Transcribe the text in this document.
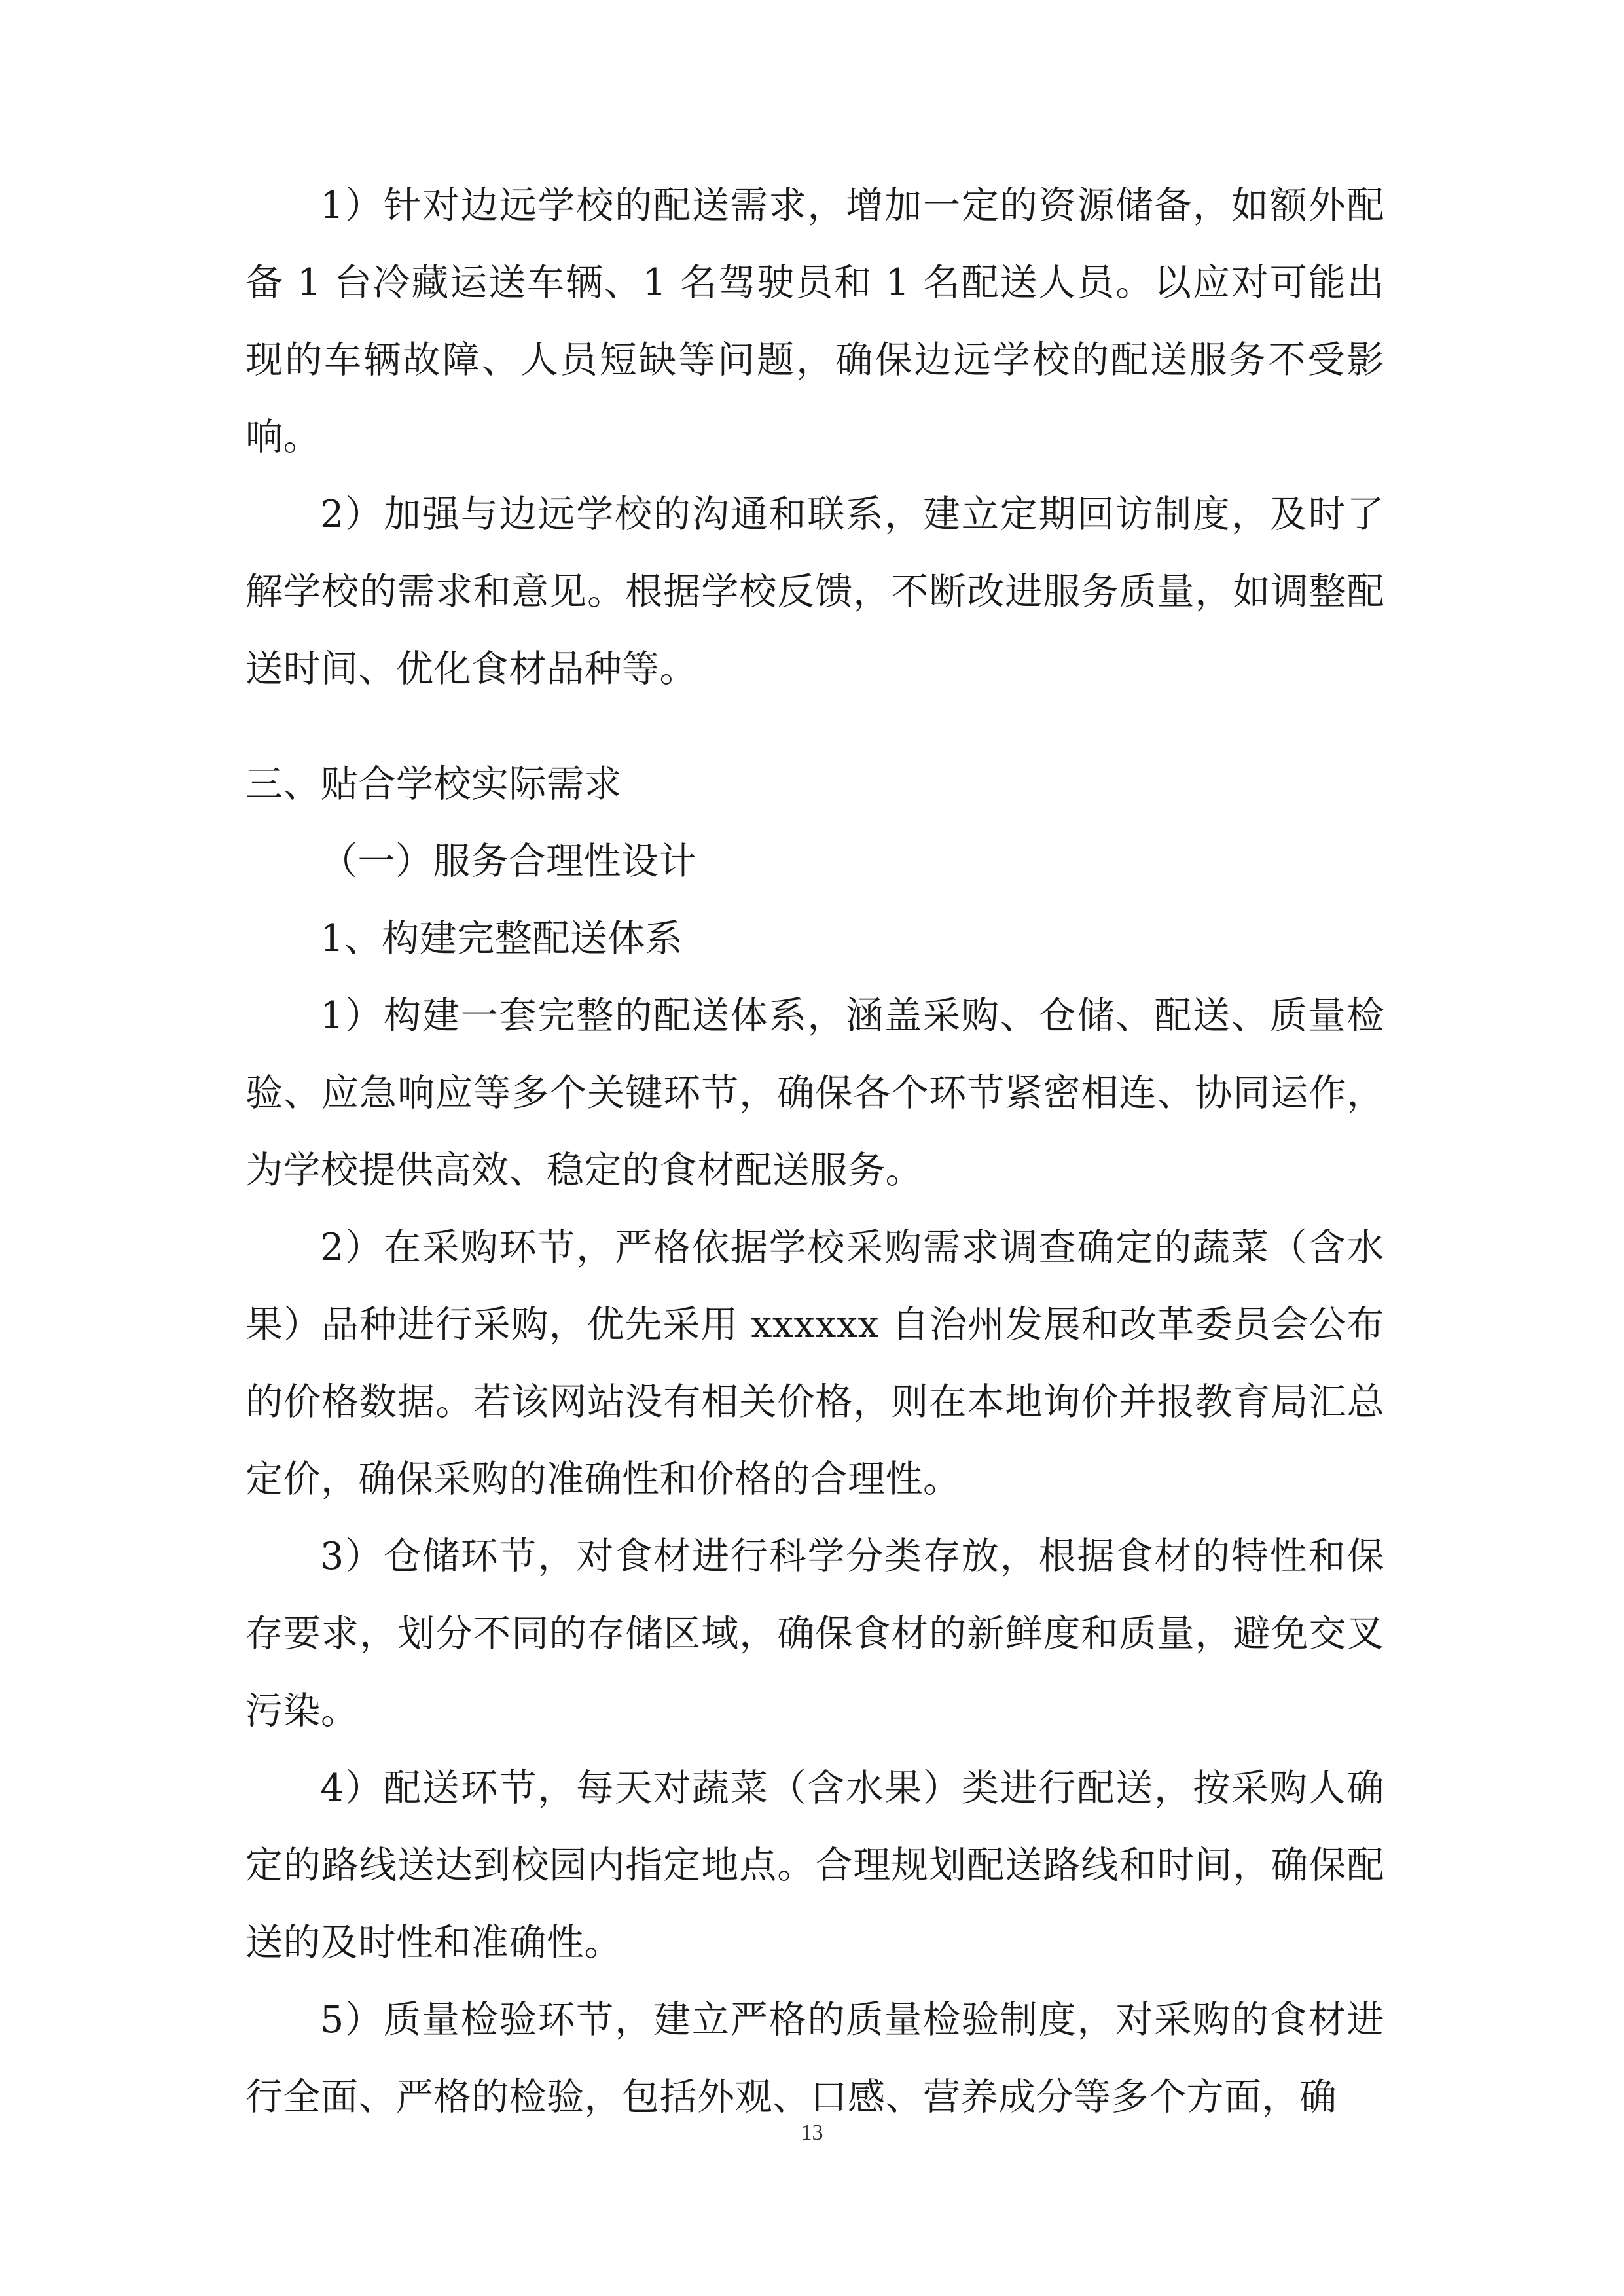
1）针对边远学校的配送需求，增加一定的资源储备，如额外配备 1 台冷藏运送车辆、1 名驾驶员和 1 名配送人员。以应对可能出现的车辆故障、人员短缺等问题，确保边远学校的配送服务不受影响。

2）加强与边远学校的沟通和联系，建立定期回访制度，及时了解学校的需求和意见。根据学校反馈，不断改进服务质量，如调整配送时间、优化食材品种等。

三、贴合学校实际需求

（一）服务合理性设计

1、构建完整配送体系

1）构建一套完整的配送体系，涵盖采购、仓储、配送、质量检验、应急响应等多个关键环节，确保各个环节紧密相连、协同运作，为学校提供高效、稳定的食材配送服务。

2）在采购环节，严格依据学校采购需求调查确定的蔬菜（含水果）品种进行采购，优先采用 xxxxxx 自治州发展和改革委员会公布的价格数据。若该网站没有相关价格，则在本地询价并报教育局汇总定价，确保采购的准确性和价格的合理性。

3）仓储环节，对食材进行科学分类存放，根据食材的特性和保存要求，划分不同的存储区域，确保食材的新鲜度和质量，避免交叉污染。

4）配送环节，每天对蔬菜（含水果）类进行配送，按采购人确定的路线送达到校园内指定地点。合理规划配送路线和时间，确保配送的及时性和准确性。

5）质量检验环节，建立严格的质量检验制度，对采购的食材进行全面、严格的检验，包括外观、口感、营养成分等多个方面，确

13
